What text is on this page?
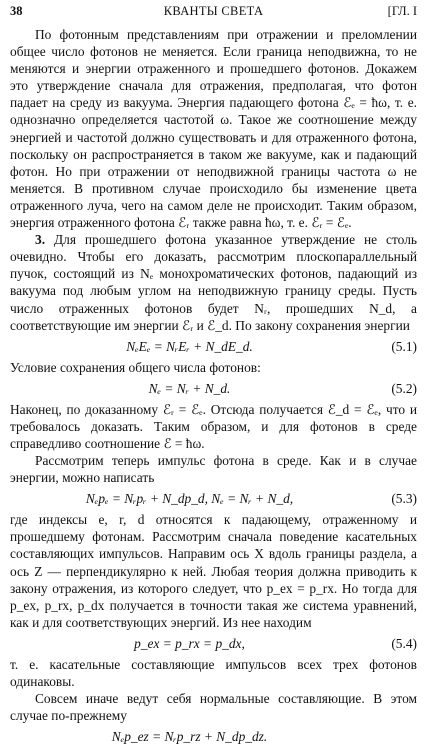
38	КВАНТЫ СВЕТА	[ГЛ. I

По фотонным представлениям при отражении и преломлении общее число фотонов не меняется. Если граница неподвижна, то не меняются и энергии отраженного и прошедшего фотонов. Докажем это утверждение сначала для отражения, предполагая, что фотон падает на среду из вакуума. Энергия падающего фотона ℰₑ = ħω, т. е. однозначно определяется частотой ω. Такое же соотношение между энергией и частотой должно существовать и для отраженного фотона, поскольку он распространяется в таком же вакууме, как и падающий фотон. Но при отражении от неподвижной границы частота ω не меняется. В противном случае происходило бы изменение цвета отраженного луча, чего на самом деле не происходит. Таким образом, энергия отраженного фотона ℰᵣ также равна ħω, т. е. ℰᵣ = ℰₑ.

3. Для прошедшего фотона указанное утверждение не столь очевидно. Чтобы его доказать, рассмотрим плоскопараллельный пучок, состоящий из Nₑ монохроматических фотонов, падающий из вакуума под любым углом на неподвижную границу среды. Пусть число отраженных фотонов будет Nᵣ, прошедших N_d, а соответствующие им энергии ℰᵣ и ℰ_d. По закону сохранения энергии

NₑEₑ = NᵣEᵣ + N_dE_d.	(5.1)

Условие сохранения общего числа фотонов:

Nₑ = Nᵣ + N_d.	(5.2)

Наконец, по доказанному ℰᵣ = ℰₑ. Отсюда получается ℰ_d = ℰₑ, что и требовалось доказать. Таким образом, и для фотонов в среде справедливо соотношение ℰ = ħω.

Рассмотрим теперь импульс фотона в среде. Как и в случае энергии, можно написать

Nₑpₑ = Nᵣpᵣ + N_dp_d, Nₑ = Nᵣ + N_d,	(5.3)

где индексы e, r, d относятся к падающему, отраженному и прошедшему фотонам. Рассмотрим сначала поведение касательных составляющих импульсов. Направим ось X вдоль границы раздела, а ось Z — перпендикулярно к ней. Любая теория должна приводить к закону отражения, из которого следует, что p_ex = p_rx. Но тогда для p_ex, p_rx, p_dx получается в точности такая же система уравнений, как и для соответствующих энергий. Из нее находим

p_ex = p_rx = p_dx,	(5.4)

т. е. касательные составляющие импульсов всех трех фотонов одинаковы.

Совсем иначе ведут себя нормальные составляющие. В этом случае по-прежнему

Nₑp_ez = Nᵣp_rz + N_dp_dz.
